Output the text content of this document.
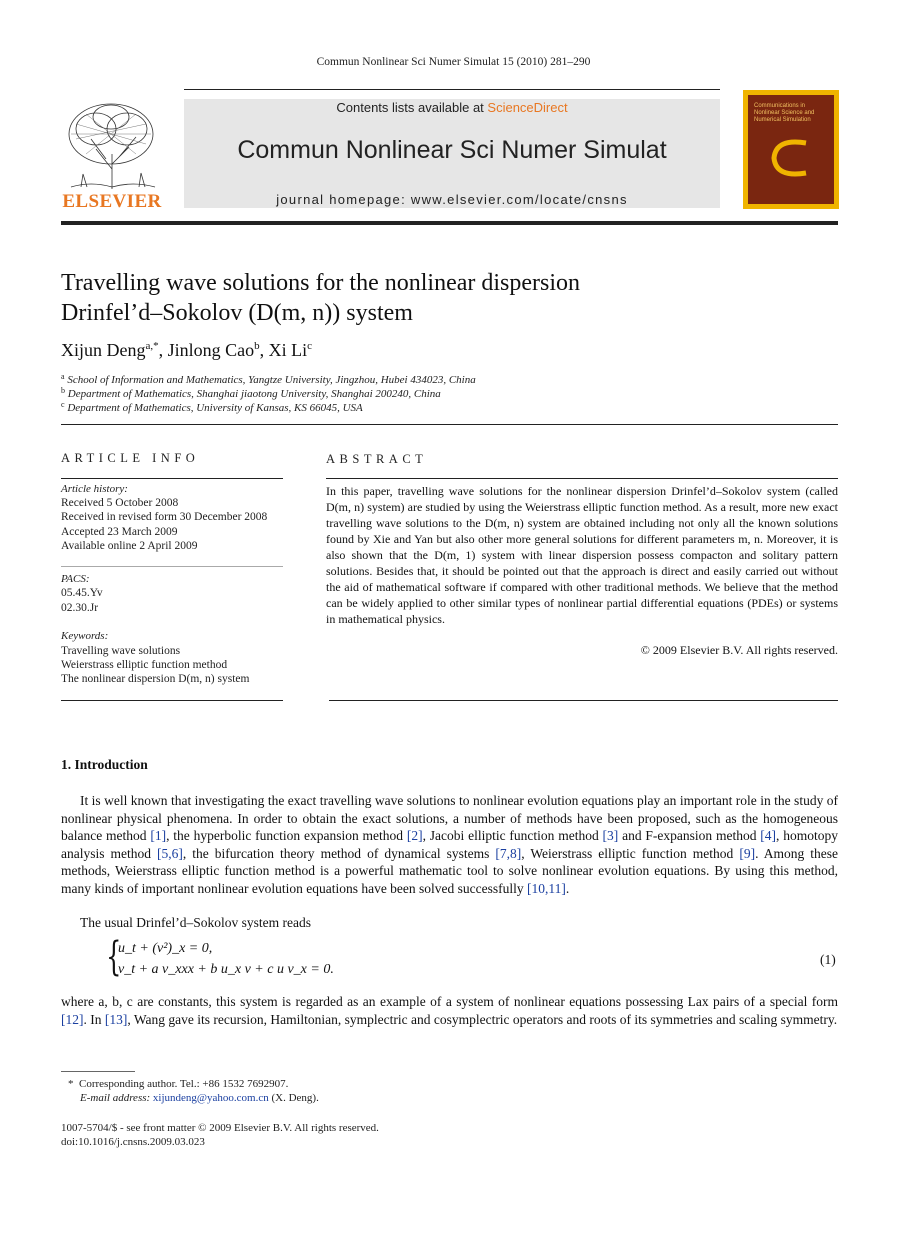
Commun Nonlinear Sci Numer Simulat 15 (2010) 281–290
Contents lists available at ScienceDirect
Commun Nonlinear Sci Numer Simulat
journal homepage: www.elsevier.com/locate/cnsns
ELSEVIER
Communications in Nonlinear Science and Numerical Simulation
Travelling wave solutions for the nonlinear dispersion
Drinfel’d–Sokolov (D(m, n)) system
Xijun Deng$^{a,*}$, Jinlong Cao$^b$, Xi Li$^c$
$^a$ School of Information and Mathematics, Yangtze University, Jingzhou, Hubei 434023, China
$^b$ Department of Mathematics, Shanghai jiaotong University, Shanghai 200240, China
$^c$ Department of Mathematics, University of Kansas, KS 66045, USA
ARTICLE INFO
Article history:
Received 5 October 2008
Received in revised form 30 December 2008
Accepted 23 March 2009
Available online 2 April 2009
PACS:
05.45.Yv
02.30.Jr
Keywords:
Travelling wave solutions
Weierstrass elliptic function method
The nonlinear dispersion D(m, n) system
ABSTRACT
In this paper, travelling wave solutions for the nonlinear dispersion Drinfel’d–Sokolov system (called D(m, n) system) are studied by using the Weierstrass elliptic function method. As a result, more new exact travelling wave solutions to the D(m, n) system are obtained including not only all the known solutions found by Xie and Yan but also other more general solutions for different parameters m, n. Moreover, it is also shown that the D(m, 1) system with linear dispersion possess compacton and solitary pattern solutions. Besides that, it should be pointed out that the approach is direct and easily carried out without the aid of mathematical software if compared with other traditional methods. We believe that the method can be widely applied to other similar types of nonlinear partial differential equations (PDEs) or systems in mathematical physics.
© 2009 Elsevier B.V. All rights reserved.
1. Introduction
It is well known that investigating the exact travelling wave solutions to nonlinear evolution equations play an important role in the study of nonlinear physical phenomena. In order to obtain the exact solutions, a number of methods have been proposed, such as the homogeneous balance method [1], the hyperbolic function expansion method [2], Jacobi elliptic function method [3] and F-expansion method [4], homotopy analysis method [5,6], the bifurcation theory method of dynamical systems [7,8], Weierstrass elliptic function method [9]. Among these methods, Weierstrass elliptic function method is a powerful mathematic tool to solve nonlinear evolution equations. By using this method, many kinds of important nonlinear evolution equations have been solved successfully [10,11].
The usual Drinfel’d–Sokolov system reads
{
u_t + (v²)_x = 0,
v_t + a v_xxx + b u_x v + c u v_x = 0.
(1)
where a, b, c are constants, this system is regarded as an example of a system of nonlinear equations possessing Lax pairs of a special form [12]. In [13], Wang gave its recursion, Hamiltonian, symplectric and cosymplectric operators and roots of its symmetries and scaling symmetry.
* Corresponding author. Tel.: +86 1532 7692907.
E-mail address: xijundeng@yahoo.com.cn (X. Deng).
1007-5704/$ - see front matter © 2009 Elsevier B.V. All rights reserved.
doi:10.1016/j.cnsns.2009.03.023
